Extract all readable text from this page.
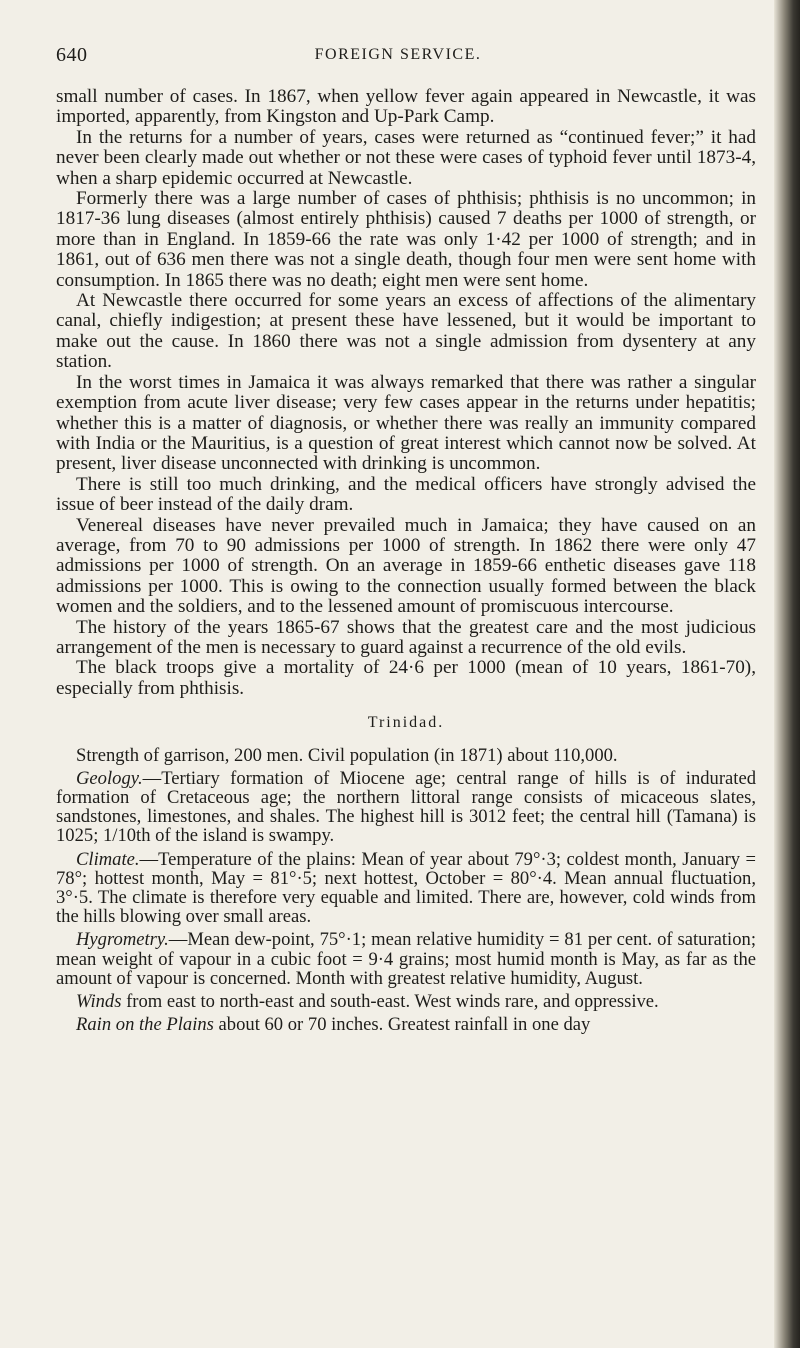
640	FOREIGN SERVICE.

small number of cases. In 1867, when yellow fever again appeared in Newcastle, it was imported, apparently, from Kingston and Up-Park Camp.

In the returns for a number of years, cases were returned as “continued fever;” it had never been clearly made out whether or not these were cases of typhoid fever until 1873-4, when a sharp epidemic occurred at Newcastle.

Formerly there was a large number of cases of phthisis; phthisis is no uncommon; in 1817-36 lung diseases (almost entirely phthisis) caused 7 deaths per 1000 of strength, or more than in England. In 1859-66 the rate was only 1·42 per 1000 of strength; and in 1861, out of 636 men there was not a single death, though four men were sent home with consumption. In 1865 there was no death; eight men were sent home.

At Newcastle there occurred for some years an excess of affections of the alimentary canal, chiefly indigestion; at present these have lessened, but it would be important to make out the cause. In 1860 there was not a single admission from dysentery at any station.

In the worst times in Jamaica it was always remarked that there was rather a singular exemption from acute liver disease; very few cases appear in the returns under hepatitis; whether this is a matter of diagnosis, or whether there was really an immunity compared with India or the Mauritius, is a question of great interest which cannot now be solved. At present, liver disease unconnected with drinking is uncommon.

There is still too much drinking, and the medical officers have strongly advised the issue of beer instead of the daily dram.

Venereal diseases have never prevailed much in Jamaica; they have caused on an average, from 70 to 90 admissions per 1000 of strength. In 1862 there were only 47 admissions per 1000 of strength. On an average in 1859-66 enthetic diseases gave 118 admissions per 1000. This is owing to the connection usually formed between the black women and the soldiers, and to the lessened amount of promiscuous intercourse.

The history of the years 1865-67 shows that the greatest care and the most judicious arrangement of the men is necessary to guard against a recurrence of the old evils.

The black troops give a mortality of 24·6 per 1000 (mean of 10 years, 1861-70), especially from phthisis.

Trinidad.

Strength of garrison, 200 men. Civil population (in 1871) about 110,000.

Geology.—Tertiary formation of Miocene age; central range of hills is of indurated formation of Cretaceous age; the northern littoral range consists of micaceous slates, sandstones, limestones, and shales. The highest hill is 3012 feet; the central hill (Tamana) is 1025; 1/10th of the island is swampy.

Climate.—Temperature of the plains: Mean of year about 79°·3; coldest month, January = 78°; hottest month, May = 81°·5; next hottest, October = 80°·4. Mean annual fluctuation, 3°·5. The climate is therefore very equable and limited. There are, however, cold winds from the hills blowing over small areas.

Hygrometry.—Mean dew-point, 75°·1; mean relative humidity = 81 per cent. of saturation; mean weight of vapour in a cubic foot = 9·4 grains; most humid month is May, as far as the amount of vapour is concerned. Month with greatest relative humidity, August.

Winds from east to north-east and south-east. West winds rare, and oppressive.

Rain on the Plains about 60 or 70 inches. Greatest rainfall in one day
